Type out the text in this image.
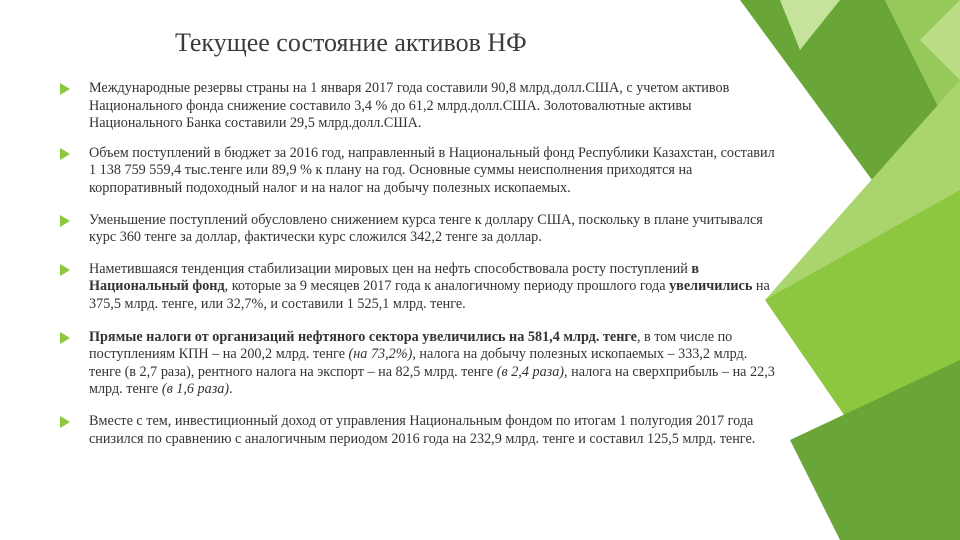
Текущее состояние активов НФ
Международные резервы страны на 1 января 2017 года составили 90,8 млрд.долл.США, с учетом активов Национального фонда снижение составило 3,4 % до 61,2 млрд.долл.США. Золотовалютные активы Национального Банка составили 29,5 млрд.долл.США.
Объем поступлений в бюджет за 2016 год, направленный в Национальный фонд Республики Казахстан, составил 1 138 759 559,4 тыс.тенге или 89,9 % к плану на год. Основные суммы неисполнения приходятся на корпоративный подоходный налог и на налог на добычу полезных ископаемых.
Уменьшение поступлений обусловлено снижением курса тенге к доллару США, поскольку в плане учитывался курс 360 тенге за доллар, фактически курс сложился 342,2 тенге за доллар.
Наметившаяся тенденция стабилизации мировых цен на нефть способствовала росту поступлений в Национальный фонд, которые за 9 месяцев 2017 года к аналогичному периоду прошлого года увеличились на 375,5 млрд. тенге, или 32,7%, и составили 1 525,1 млрд. тенге.
Прямые налоги от организаций нефтяного сектора увеличились на 581,4 млрд. тенге, в том числе по поступлениям КПН – на 200,2 млрд. тенге (на 73,2%), налога на добычу полезных ископаемых – 333,2 млрд. тенге (в 2,7 раза), рентного налога на экспорт – на 82,5 млрд. тенге (в 2,4 раза), налога на сверхприбыль – на 22,3 млрд. тенге (в 1,6 раза).
Вместе с тем, инвестиционный доход от управления Национальным фондом по итогам 1 полугодия 2017 года снизился по сравнению с аналогичным периодом 2016 года на 232,9 млрд. тенге и составил 125,5 млрд. тенге.
